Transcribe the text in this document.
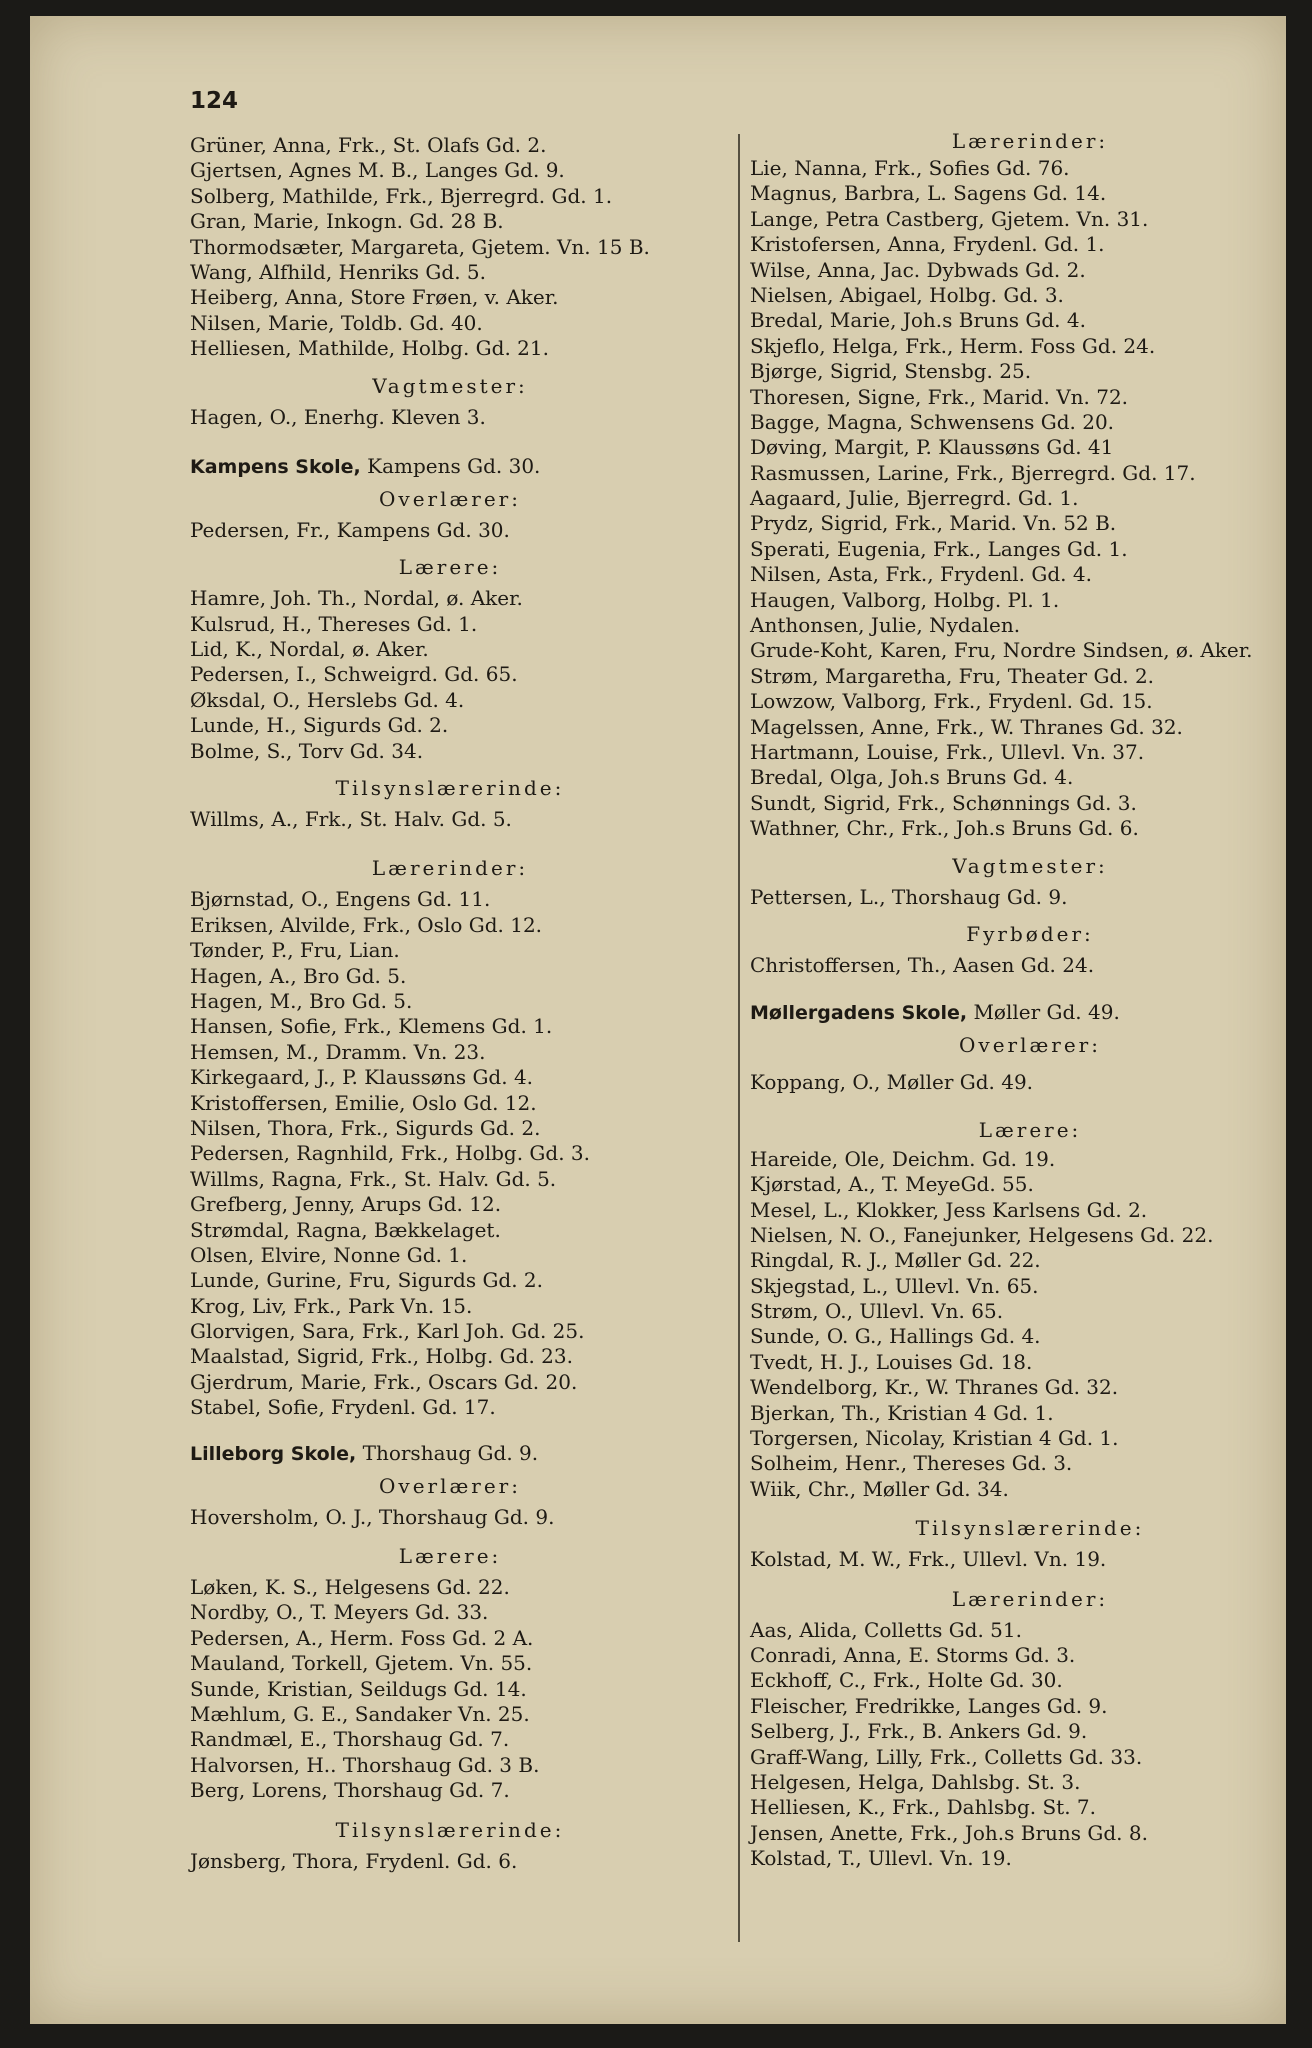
124
Grüner, Anna, Frk., St. Olafs Gd. 2.
Gjertsen, Agnes M. B., Langes Gd. 9.
Solberg, Mathilde, Frk., Bjerregrd. Gd. 1.
Gran, Marie, Inkogn. Gd. 28 B.
Thormodsæter, Margareta, Gjetem. Vn. 15 B.
Wang, Alfhild, Henriks Gd. 5.
Heiberg, Anna, Store Frøen, v. Aker.
Nilsen, Marie, Toldb. Gd. 40.
Helliesen, Mathilde, Holbg. Gd. 21.
Vagtmester:
Hagen, O., Enerhg. Kleven 3.
Kampens Skole, Kampens Gd. 30.
Overlærer:
Pedersen, Fr., Kampens Gd. 30.
Lærere:
Hamre, Joh. Th., Nordal, ø. Aker.
Kulsrud, H., Thereses Gd. 1.
Lid, K., Nordal, ø. Aker.
Pedersen, I., Schweigrd. Gd. 65.
Øksdal, O., Herslebs Gd. 4.
Lunde, H., Sigurds Gd. 2.
Bolme, S., Torv Gd. 34.
Tilsynslærerinde:
Willms, A., Frk., St. Halv. Gd. 5.
Lærerinder:
Bjørnstad, O., Engens Gd. 11.
Eriksen, Alvilde, Frk., Oslo Gd. 12.
Tønder, P., Fru, Lian.
Hagen, A., Bro Gd. 5.
Hagen, M., Bro Gd. 5.
Hansen, Sofie, Frk., Klemens Gd. 1.
Hemsen, M., Dramm. Vn. 23.
Kirkegaard, J., P. Klaussøns Gd. 4.
Kristoffersen, Emilie, Oslo Gd. 12.
Nilsen, Thora, Frk., Sigurds Gd. 2.
Pedersen, Ragnhild, Frk., Holbg. Gd. 3.
Willms, Ragna, Frk., St. Halv. Gd. 5.
Grefberg, Jenny, Arups Gd. 12.
Strømdal, Ragna, Bækkelaget.
Olsen, Elvire, Nonne Gd. 1.
Lunde, Gurine, Fru, Sigurds Gd. 2.
Krog, Liv, Frk., Park Vn. 15.
Glorvigen, Sara, Frk., Karl Joh. Gd. 25.
Maalstad, Sigrid, Frk., Holbg. Gd. 23.
Gjerdrum, Marie, Frk., Oscars Gd. 20.
Stabel, Sofie, Frydenl. Gd. 17.
Lilleborg Skole, Thorshaug Gd. 9.
Overlærer:
Hoversholm, O. J., Thorshaug Gd. 9.
Lærere:
Løken, K. S., Helgesens Gd. 22.
Nordby, O., T. Meyers Gd. 33.
Pedersen, A., Herm. Foss Gd. 2 A.
Mauland, Torkell, Gjetem. Vn. 55.
Sunde, Kristian, Seildugs Gd. 14.
Mæhlum, G. E., Sandaker Vn. 25.
Randmæl, E., Thorshaug Gd. 7.
Halvorsen, H.. Thorshaug Gd. 3 B.
Berg, Lorens, Thorshaug Gd. 7.
Tilsynslærerinde:
Jønsberg, Thora, Frydenl. Gd. 6.
Lærerinder:
Lie, Nanna, Frk., Sofies Gd. 76.
Magnus, Barbra, L. Sagens Gd. 14.
Lange, Petra Castberg, Gjetem. Vn. 31.
Kristofersen, Anna, Frydenl. Gd. 1.
Wilse, Anna, Jac. Dybwads Gd. 2.
Nielsen, Abigael, Holbg. Gd. 3.
Bredal, Marie, Joh.s Bruns Gd. 4.
Skjeflo, Helga, Frk., Herm. Foss Gd. 24.
Bjørge, Sigrid, Stensbg. 25.
Thoresen, Signe, Frk., Marid. Vn. 72.
Bagge, Magna, Schwensens Gd. 20.
Døving, Margit, P. Klaussøns Gd. 41
Rasmussen, Larine, Frk., Bjerregrd. Gd. 17.
Aagaard, Julie, Bjerregrd. Gd. 1.
Prydz, Sigrid, Frk., Marid. Vn. 52 B.
Sperati, Eugenia, Frk., Langes Gd. 1.
Nilsen, Asta, Frk., Frydenl. Gd. 4.
Haugen, Valborg, Holbg. Pl. 1.
Anthonsen, Julie, Nydalen.
Grude-Koht, Karen, Fru, Nordre Sindsen, ø. Aker.
Strøm, Margaretha, Fru, Theater Gd. 2.
Lowzow, Valborg, Frk., Frydenl. Gd. 15.
Magelssen, Anne, Frk., W. Thranes Gd. 32.
Hartmann, Louise, Frk., Ullevl. Vn. 37.
Bredal, Olga, Joh.s Bruns Gd. 4.
Sundt, Sigrid, Frk., Schønnings Gd. 3.
Wathner, Chr., Frk., Joh.s Bruns Gd. 6.
Vagtmester:
Pettersen, L., Thorshaug Gd. 9.
Fyrbøder:
Christoffersen, Th., Aasen Gd. 24.
Møllergadens Skole, Møller Gd. 49.
Overlærer:
Koppang, O., Møller Gd. 49.
Lærere:
Hareide, Ole, Deichm. Gd. 19.
Kjørstad, A., T. MeyeGd. 55.
Mesel, L., Klokker, Jess Karlsens Gd. 2.
Nielsen, N. O., Fanejunker, Helgesens Gd. 22.
Ringdal, R. J., Møller Gd. 22.
Skjegstad, L., Ullevl. Vn. 65.
Strøm, O., Ullevl. Vn. 65.
Sunde, O. G., Hallings Gd. 4.
Tvedt, H. J., Louises Gd. 18.
Wendelborg, Kr., W. Thranes Gd. 32.
Bjerkan, Th., Kristian 4 Gd. 1.
Torgersen, Nicolay, Kristian 4 Gd. 1.
Solheim, Henr., Thereses Gd. 3.
Wiik, Chr., Møller Gd. 34.
Tilsynslærerinde:
Kolstad, M. W., Frk., Ullevl. Vn. 19.
Lærerinder:
Aas, Alida, Colletts Gd. 51.
Conradi, Anna, E. Storms Gd. 3.
Eckhoff, C., Frk., Holte Gd. 30.
Fleischer, Fredrikke, Langes Gd. 9.
Selberg, J., Frk., B. Ankers Gd. 9.
Graff-Wang, Lilly, Frk., Colletts Gd. 33.
Helgesen, Helga, Dahlsbg. St. 3.
Helliesen, K., Frk., Dahlsbg. St. 7.
Jensen, Anette, Frk., Joh.s Bruns Gd. 8.
Kolstad, T., Ullevl. Vn. 19.
